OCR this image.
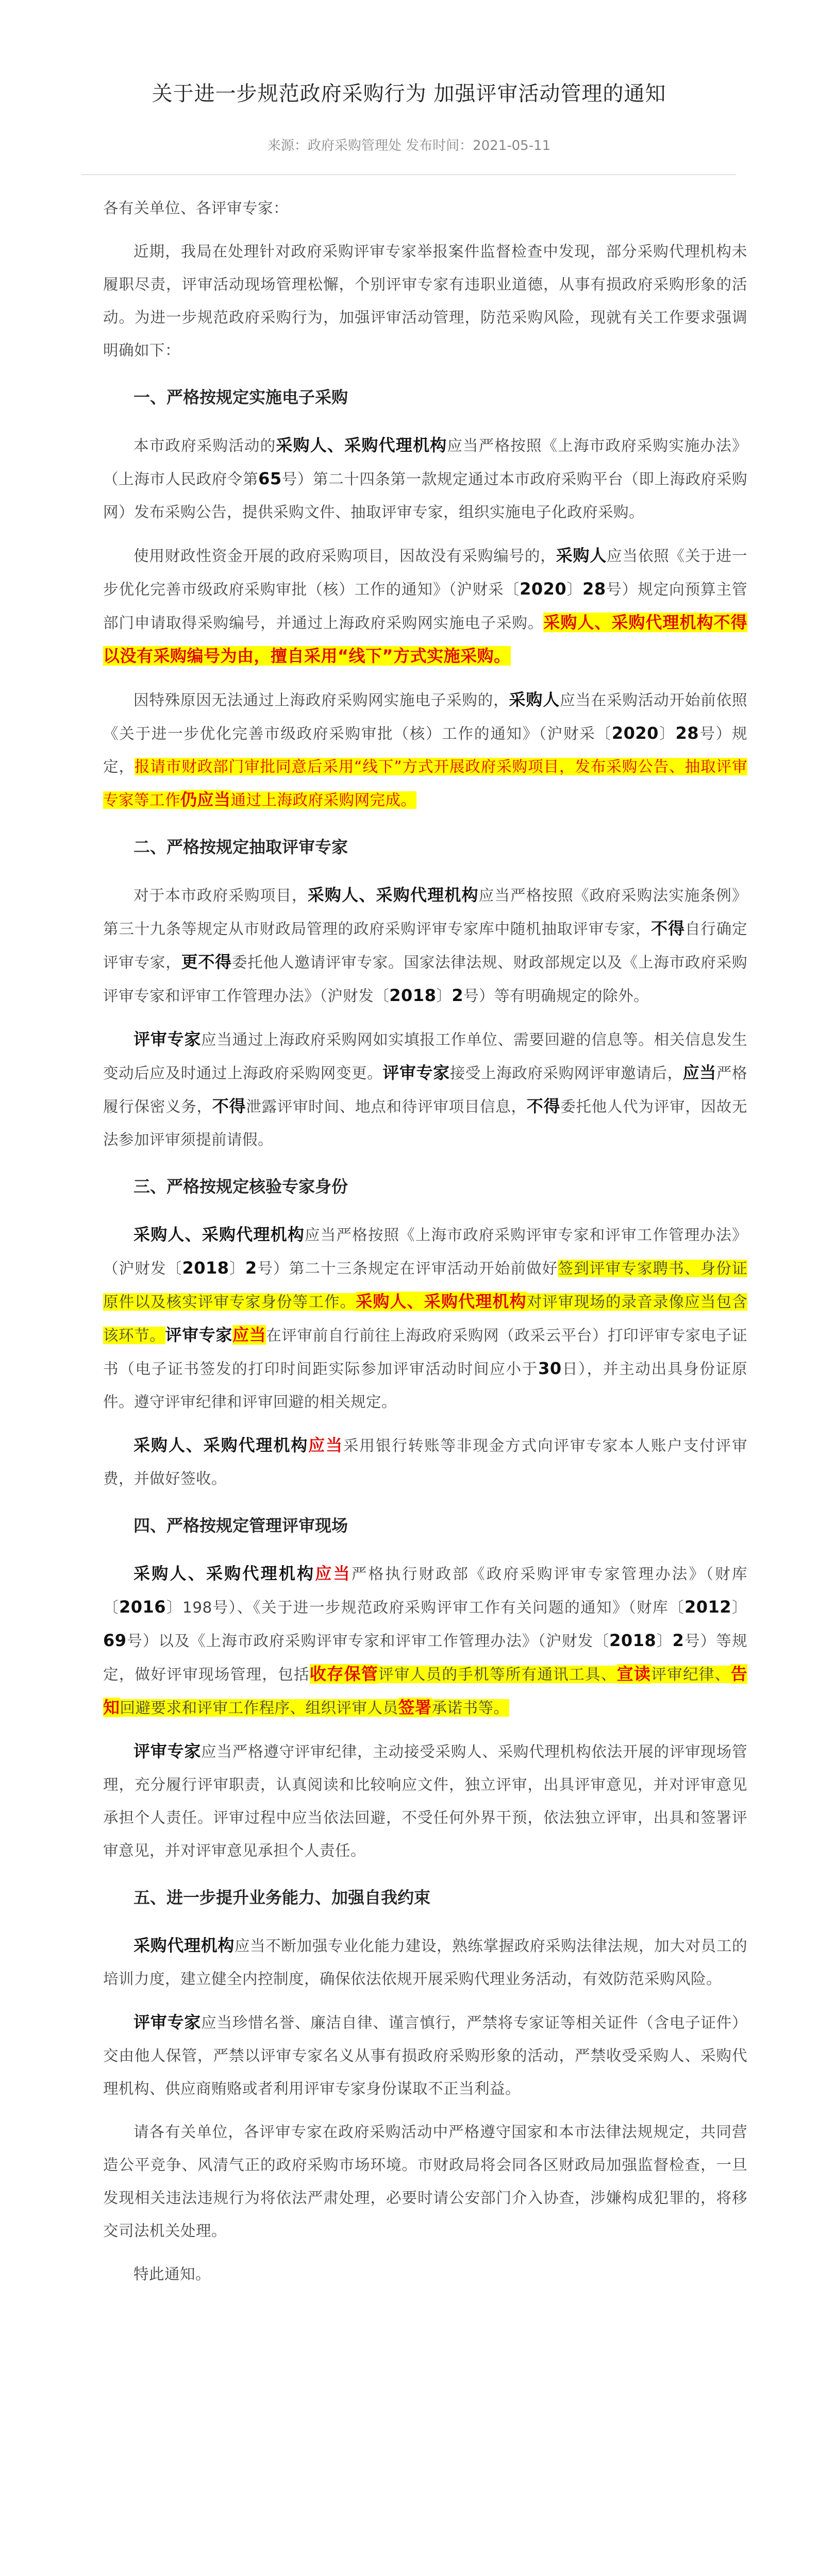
关于进一步规范政府采购行为 加强评审活动管理的通知
来源：政府采购管理处 发布时间：2021-05-11

各有关单位、各评审专家：

近期，我局在处理针对政府采购评审专家举报案件监督检查中发现，部分采购代理机构未履职尽责，评审活动现场管理松懈，个别评审专家有违职业道德，从事有损政府采购形象的活动。为进一步规范政府采购行为，加强评审活动管理，防范采购风险，现就有关工作要求强调明确如下：

一、严格按规定实施电子采购

本市政府采购活动的采购人、采购代理机构应当严格按照《上海市政府采购实施办法》（上海市人民政府令第65号）第二十四条第一款规定通过本市政府采购平台（即上海政府采购网）发布采购公告，提供采购文件、抽取评审专家，组织实施电子化政府采购。

使用财政性资金开展的政府采购项目，因故没有采购编号的，采购人应当依照《关于进一步优化完善市级政府采购审批（核）工作的通知》（沪财采〔2020〕28号）规定向预算主管部门申请取得采购编号，并通过上海政府采购网实施电子采购。采购人、采购代理机构不得以没有采购编号为由，擅自采用“线下”方式实施采购。

因特殊原因无法通过上海政府采购网实施电子采购的，采购人应当在采购活动开始前依照《关于进一步优化完善市级政府采购审批（核）工作的通知》（沪财采〔2020〕28号）规定，报请市财政部门审批同意后采用“线下”方式开展政府采购项目，发布采购公告、抽取评审专家等工作仍应当通过上海政府采购网完成。

二、严格按规定抽取评审专家

对于本市政府采购项目，采购人、采购代理机构应当严格按照《政府采购法实施条例》第三十九条等规定从市财政局管理的政府采购评审专家库中随机抽取评审专家，不得自行确定评审专家，更不得委托他人邀请评审专家。国家法律法规、财政部规定以及《上海市政府采购评审专家和评审工作管理办法》（沪财发〔2018〕2号）等有明确规定的除外。

评审专家应当通过上海政府采购网如实填报工作单位、需要回避的信息等。相关信息发生变动后应及时通过上海政府采购网变更。评审专家接受上海政府采购网评审邀请后，应当严格履行保密义务，不得泄露评审时间、地点和待评审项目信息，不得委托他人代为评审，因故无法参加评审须提前请假。

三、严格按规定核验专家身份

采购人、采购代理机构应当严格按照《上海市政府采购评审专家和评审工作管理办法》（沪财发〔2018〕2号）第二十三条规定在评审活动开始前做好签到评审专家聘书、身份证原件以及核实评审专家身份等工作。采购人、采购代理机构对评审现场的录音录像应当包含该环节。评审专家应当在评审前自行前往上海政府采购网（政采云平台）打印评审专家电子证书（电子证书签发的打印时间距实际参加评审活动时间应小于30日），并主动出具身份证原件。遵守评审纪律和评审回避的相关规定。

采购人、采购代理机构应当采用银行转账等非现金方式向评审专家本人账户支付评审费，并做好签收。

四、严格按规定管理评审现场

采购人、采购代理机构应当严格执行财政部《政府采购评审专家管理办法》（财库〔2016〕198号）、《关于进一步规范政府采购评审工作有关问题的通知》（财库〔2012〕69号）以及《上海市政府采购评审专家和评审工作管理办法》（沪财发〔2018〕2号）等规定，做好评审现场管理，包括收存保管评审人员的手机等所有通讯工具、宣读评审纪律、告知回避要求和评审工作程序、组织评审人员签署承诺书等。

评审专家应当严格遵守评审纪律，主动接受采购人、采购代理机构依法开展的评审现场管理，充分履行评审职责，认真阅读和比较响应文件，独立评审，出具评审意见，并对评审意见承担个人责任。评审过程中应当依法回避，不受任何外界干预，依法独立评审，出具和签署评审意见，并对评审意见承担个人责任。

五、进一步提升业务能力、加强自我约束

采购代理机构应当不断加强专业化能力建设，熟练掌握政府采购法律法规，加大对员工的培训力度，建立健全内控制度，确保依法依规开展采购代理业务活动，有效防范采购风险。

评审专家应当珍惜名誉、廉洁自律、谨言慎行，严禁将专家证等相关证件（含电子证件）交由他人保管，严禁以评审专家名义从事有损政府采购形象的活动，严禁收受采购人、采购代理机构、供应商贿赂或者利用评审专家身份谋取不正当利益。

请各有关单位，各评审专家在政府采购活动中严格遵守国家和本市法律法规规定，共同营造公平竞争、风清气正的政府采购市场环境。市财政局将会同各区财政局加强监督检查，一旦发现相关违法违规行为将依法严肃处理，必要时请公安部门介入协查，涉嫌构成犯罪的，将移交司法机关处理。

特此通知。
